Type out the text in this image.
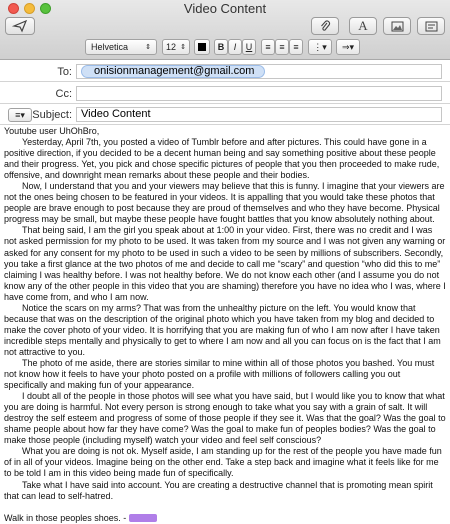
Video Content
A
Helvetica ⇕ 12 ⇕	B	I	U	≡ ≡ ≡ ⋮▾ ⇒▾
To:	onisionmanagement@gmail.com
Cc:
≡▾ Subject: Video Content

Youtube user UhOhBro,

Yesterday, April 7th, you posted a video of Tumblr before and after pictures. This could have gone in a positive direction, if you decided to be a decent human being and say something positive about these people and their progress. Yet, you pick and chose specific pictures of people that you then proceeded to make rude, offensive, and downright mean remarks about these people and their bodies.

Now, I understand that you and your viewers may believe that this is funny. I imagine that your viewers are not the ones being chosen to be featured in your videos. It is appalling that you would take these photos that people are brave enough to post because they are proud of themselves and who they have become. Physical progress may be small, but maybe these people have fought battles that you know absolutely nothing about.

That being said, I am the girl you speak about at 1:00 in your video. First, there was no credit and I was not asked permission for my photo to be used. It was taken from my source and I was not given any warning or asked for any consent for my photo to be used in such a video to be seen by millions of subscribers. Secondly, you take a first glance at the two photos of me and decide to call me “scary” and question “who did this to me” claiming I was healthy before. I was not healthy before. We do not know each other (and I assume you do not know any of the other people in this video that you are shaming) therefore you have no idea who I was, where I have come from, and who I am now.

Notice the scars on my arms? That was from the unhealthy picture on the left. You would know that because that was on the description of the original photo which you have taken from my blog and decided to make the cover photo of your video. It is horrifying that you are making fun of who I am now after I have taken incredible steps mentally and physically to get to where I am now and all you can focus on is the fact that I am not attractive to you.

The photo of me aside, there are stories similar to mine within all of those photos you bashed. You must not know how it feels to have your photo posted on a profile with millions of followers calling you out specifically and making fun of your appearance.

I doubt all of the people in those photos will see what you have said, but I would like you to know that what you are doing is harmful. Not every person is strong enough to take what you say with a grain of salt. It will destroy the self esteem and progress of some of those people if they see it. Was that the goal? Was the goal to shame people about how far they have come? Was the goal to make fun of peoples bodies? Was the goal to make those people (including myself) watch your video and feel self conscious?

What you are doing is not ok. Myself aside, I am standing up for the rest of the people you have made fun of in all of your videos. Imagine being on the other end. Take a step back and imagine what it feels like for me to be told I am in this video being made fun of specifically.

Take what I have said into account. You are creating a destructive channel that is promoting mean spirit that can lead to self-hatred.

Walk in those peoples shoes. -
